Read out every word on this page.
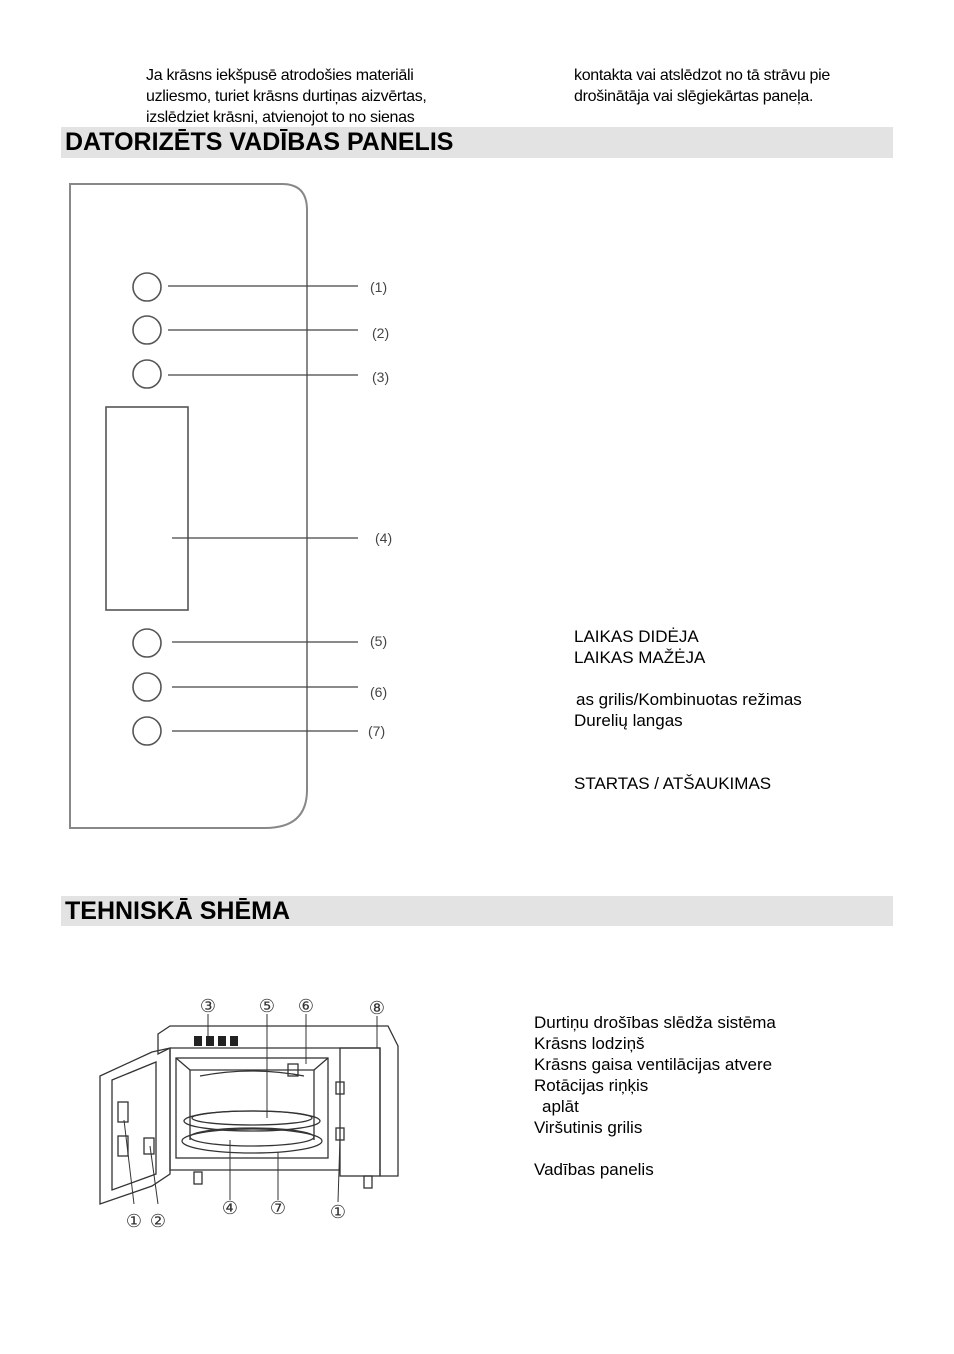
Ja krāsns iekšpusē atrodošies materiāli
uzliesmo, turiet krāsns durtiņas aizvērtas,
izslēdziet krāsni, atvienojot to no sienas
kontakta vai atslēdzot no tā strāvu pie
drošinātāja vai slēgiekārtas paneļa.
DATORIZĒTS VADĪBAS PANELIS
(1)
(2)
(3)
(4)
(5)
(6)
(7)
LAIKAS DIDĖJA
LAIKAS MAŽĖJA

as grilis/Kombinuotas režimas
Durelių langas

STARTAS / ATŠAUKIMAS
TEHNISKĀ SHĒMA
③ ⑤ ⑥	⑧
① ②
④ ⑦ ①
Durtiņu drošības slēdža sistēma
Krāsns lodziņš
Krāsns gaisa ventilācijas atvere
Rotācijas riņķis
aplāt
Viršutinis grilis

Vadības panelis
